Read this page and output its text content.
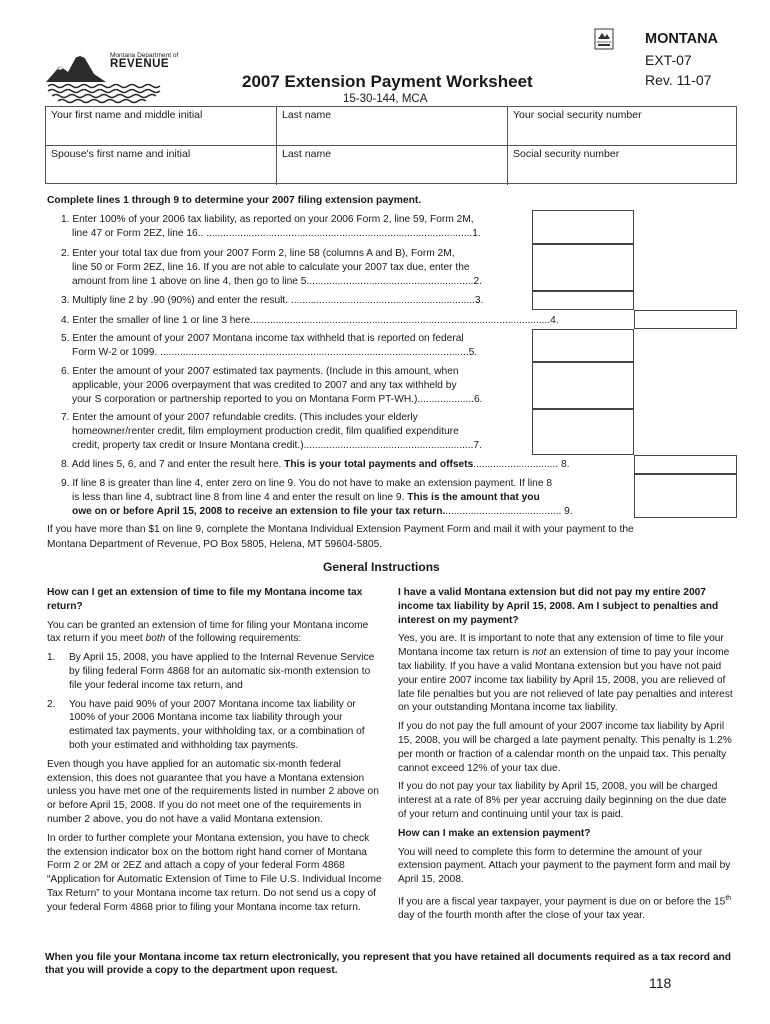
Montana Department of
REVENUE
MONTANA MONTANA
EXT-07
Rev. 11-07
2007 Extension Payment Worksheet
15-30-144, MCA
Your first name and middle initial	Last name	Your social security number
Spouse's first name and initial	Last name	Social security number
Complete lines 1 through 9 to determine your 2007 filing extension payment.
1. Enter 100% of your 2006 tax liability, as reported on your 2006 Form 2, line 59, Form 2M,
line 47 or Form 2EZ, line 16.. ..............................................................................................1.
2. Enter your total tax due from your 2007 Form 2, line 58 (columns A and B), Form 2M,
line 50 or Form 2EZ, line 16. If you are not able to calculate your 2007 tax due, enter the
amount from line 1 above on line 4, then go to line 5...........................................................2.
3. Multiply line 2 by .90 (90%) and enter the result. .................................................................3.
4. Enter the smaller of line 1 or line 3 here..........................................................................................................4.
5. Enter the amount of your 2007 Montana income tax withheld that is reported on federal
Form W-2 or 1099. .............................................................................................................5.
6. Enter the amount of your 2007 estimated tax payments. (Include in this amount, when
applicable, your 2006 overpayment that was credited to 2007 and any tax withheld by
your S corporation or partnership reported to you on Montana Form PT-WH.)....................6.
7. Enter the amount of your 2007 refundable credits. (This includes your elderly
homeowner/renter credit, film employment production credit, film qualified expenditure
credit, property tax credit or Insure Montana credit.)............................................................7.
8. Add lines 5, 6, and 7 and enter the result here. This is your total payments and offsets.............................. 8.
9. If line 8 is greater than line 4, enter zero on line 9. You do not have to make an extension payment. If line 8
is less than line 4, subtract line 8 from line 4 and enter the result on line 9. This is the amount that you
owe on or before April 15, 2008 to receive an extension to file your tax return.......................................... 9.
If you have more than $1 on line 9, complete the Montana Individual Extension Payment Form and mail it with your payment to the
Montana Department of Revenue, PO Box 5805, Helena, MT 59604-5805.
General Instructions

How can I get an extension of time to file my Montana income tax return?

You can be granted an extension of time for filing your Montana income tax return if you meet both of the following requirements:

1.	By April 15, 2008, you have applied to the Internal Revenue Service by filing federal Form 4868 for an automatic six-month extension to file your federal income tax return, and

2.	You have paid 90% of your 2007 Montana income tax liability or 100% of your 2006 Montana income tax liability through your estimated tax payments, your withholding tax, or a combination of both your estimated and withholding tax payments.

Even though you have applied for an automatic six-month federal extension, this does not guarantee that you have a Montana extension unless you have met one of the requirements listed in number 2 above on or before April 15, 2008. If you do not meet one of the requirements in number 2 above, you do not have a valid Montana extension.

In order to further complete your Montana extension, you have to check the extension indicator box on the bottom right hand corner of Montana Form 2 or 2M or 2EZ and attach a copy of your federal Form 4868 “Application for Automatic Extension of Time to File U.S. Individual Income Tax Return” to your Montana income tax return. Do not send us a copy of your federal Form 4868 prior to filing your Montana income tax return.

I have a valid Montana extension but did not pay my entire 2007 income tax liability by April 15, 2008. Am I subject to penalties and interest on my payment?

Yes, you are. It is important to note that any extension of time to file your Montana income tax return is not an extension of time to pay your income tax liability. If you have a valid Montana extension but you have not paid your entire 2007 income tax liability by April 15, 2008, you are relieved of late file penalties but you are not relieved of late pay penalties and interest on your outstanding Montana income tax liability.

If you do not pay the full amount of your 2007 income tax liability by April 15, 2008, you will be charged a late payment penalty. This penalty is 1.2% per month or fraction of a calendar month on the unpaid tax. This penalty cannot exceed 12% of your tax due.

If you do not pay your tax liability by April 15, 2008, you will be charged interest at a rate of 8% per year accruing daily beginning on the due date of your return and continuing until your tax is paid.

How can I make an extension payment?

You will need to complete this form to determine the amount of your extension payment. Attach your payment to the payment form and mail by April 15, 2008.

If you are a fiscal year taxpayer, your payment is due on or before the 15th day of the fourth month after the close of your tax year.

When you file your Montana income tax return electronically, you represent that you have retained all documents required as a tax record and that you will provide a copy to the department upon request.
118
